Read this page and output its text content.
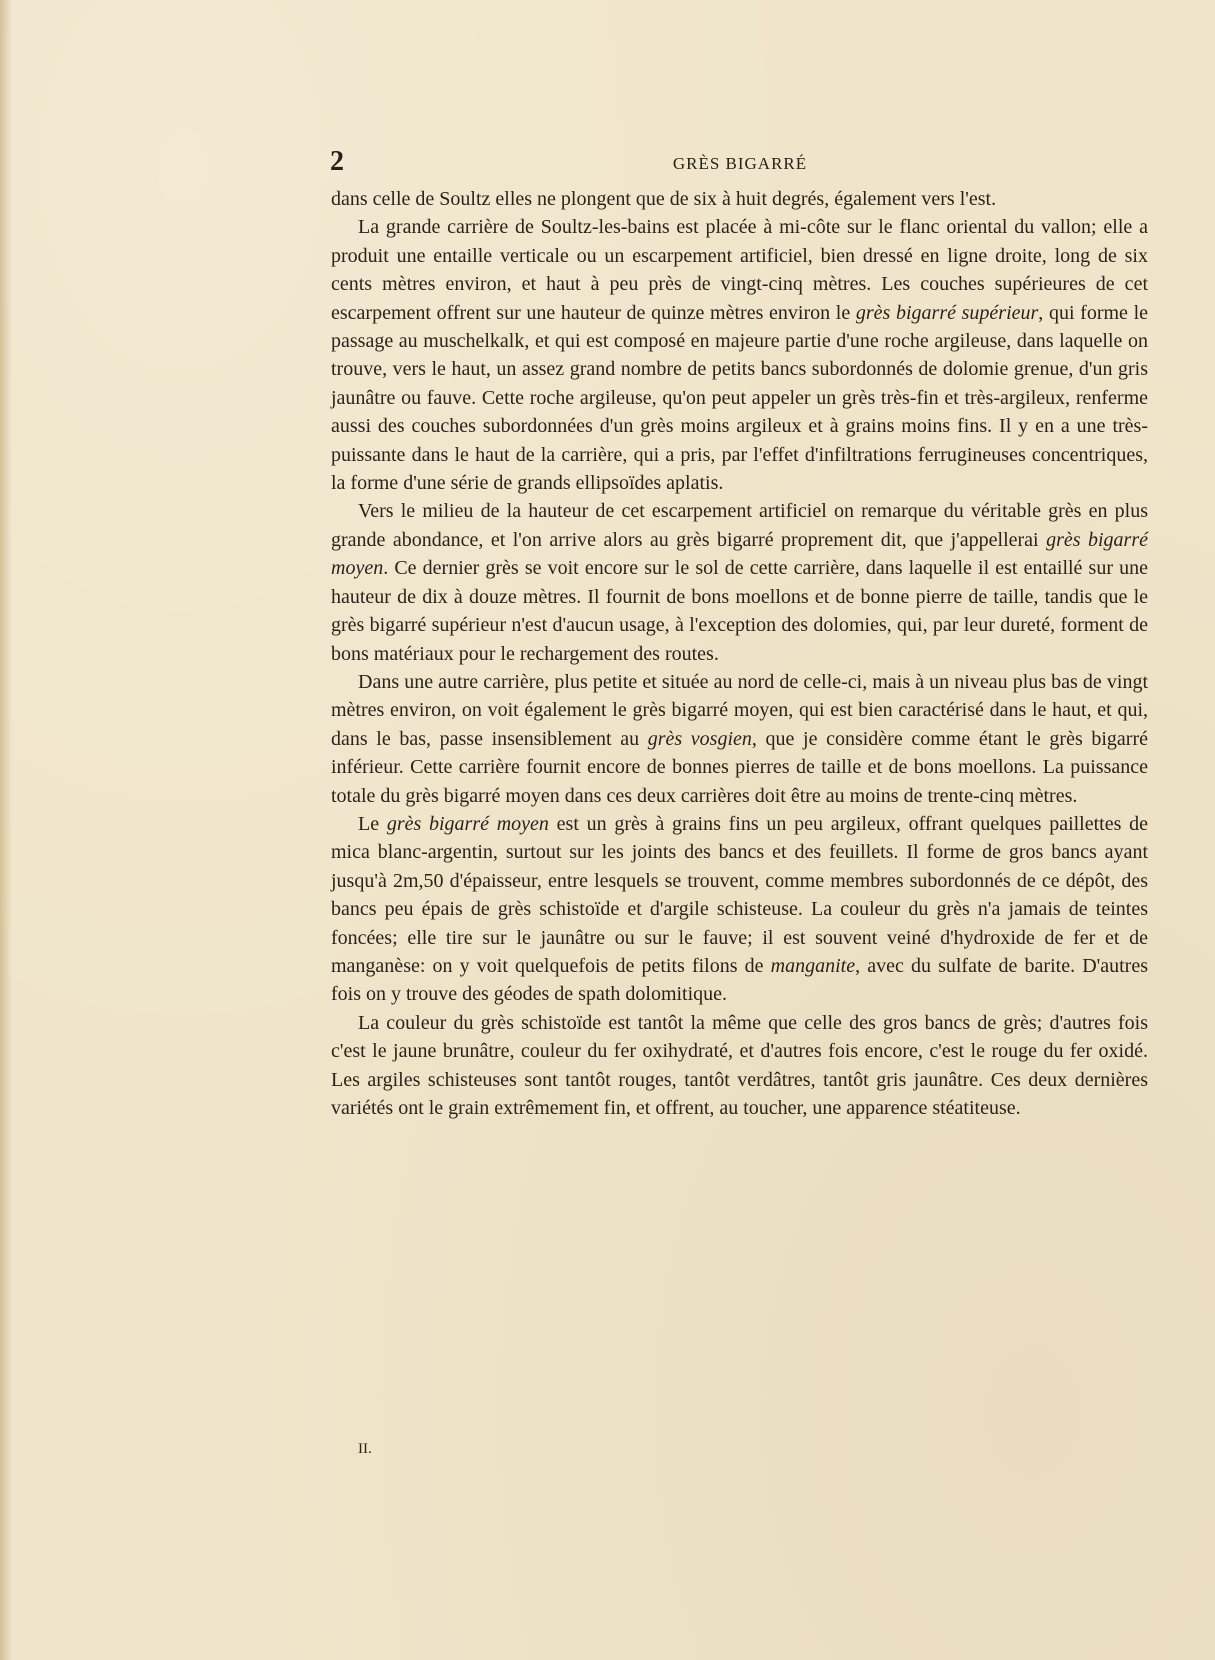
2	GRÈS BIGARRÉ

dans celle de Soultz elles ne plongent que de six à huit degrés, également vers l'est.

La grande carrière de Soultz-les-bains est placée à mi-côte sur le flanc oriental du vallon; elle a produit une entaille verticale ou un escarpement artificiel, bien dressé en ligne droite, long de six cents mètres environ, et haut à peu près de vingt-cinq mètres. Les couches supérieures de cet escarpement offrent sur une hauteur de quinze mètres environ le grès bigarré supérieur, qui forme le passage au muschelkalk, et qui est composé en majeure partie d'une roche argileuse, dans laquelle on trouve, vers le haut, un assez grand nombre de petits bancs subordonnés de dolomie grenue, d'un gris jaunâtre ou fauve. Cette roche argileuse, qu'on peut appeler un grès très-fin et très-argileux, renferme aussi des couches subordonnées d'un grès moins argileux et à grains moins fins. Il y en a une très-puissante dans le haut de la carrière, qui a pris, par l'effet d'infiltrations ferrugineuses concentriques, la forme d'une série de grands ellipsoïdes aplatis.

Vers le milieu de la hauteur de cet escarpement artificiel on remarque du véritable grès en plus grande abondance, et l'on arrive alors au grès bigarré proprement dit, que j'appellerai grès bigarré moyen. Ce dernier grès se voit encore sur le sol de cette carrière, dans laquelle il est entaillé sur une hauteur de dix à douze mètres. Il fournit de bons moellons et de bonne pierre de taille, tandis que le grès bigarré supérieur n'est d'aucun usage, à l'exception des dolomies, qui, par leur dureté, forment de bons matériaux pour le rechargement des routes.

Dans une autre carrière, plus petite et située au nord de celle-ci, mais à un niveau plus bas de vingt mètres environ, on voit également le grès bigarré moyen, qui est bien caractérisé dans le haut, et qui, dans le bas, passe insensiblement au grès vosgien, que je considère comme étant le grès bigarré inférieur. Cette carrière fournit encore de bonnes pierres de taille et de bons moellons. La puissance totale du grès bigarré moyen dans ces deux carrières doit être au moins de trente-cinq mètres.

Le grès bigarré moyen est un grès à grains fins un peu argileux, offrant quelques paillettes de mica blanc-argentin, surtout sur les joints des bancs et des feuillets. Il forme de gros bancs ayant jusqu'à 2m,50 d'épaisseur, entre lesquels se trouvent, comme membres subordonnés de ce dépôt, des bancs peu épais de grès schistoïde et d'argile schisteuse. La couleur du grès n'a jamais de teintes foncées; elle tire sur le jaunâtre ou sur le fauve; il est souvent veiné d'hydroxide de fer et de manganèse: on y voit quelquefois de petits filons de manganite, avec du sulfate de barite. D'autres fois on y trouve des géodes de spath dolomitique.

La couleur du grès schistoïde est tantôt la même que celle des gros bancs de grès; d'autres fois c'est le jaune brunâtre, couleur du fer oxihydraté, et d'autres fois encore, c'est le rouge du fer oxidé. Les argiles schisteuses sont tantôt rouges, tantôt verdâtres, tantôt gris jaunâtre. Ces deux dernières variétés ont le grain extrêmement fin, et offrent, au toucher, une apparence stéatiteuse.

II.
